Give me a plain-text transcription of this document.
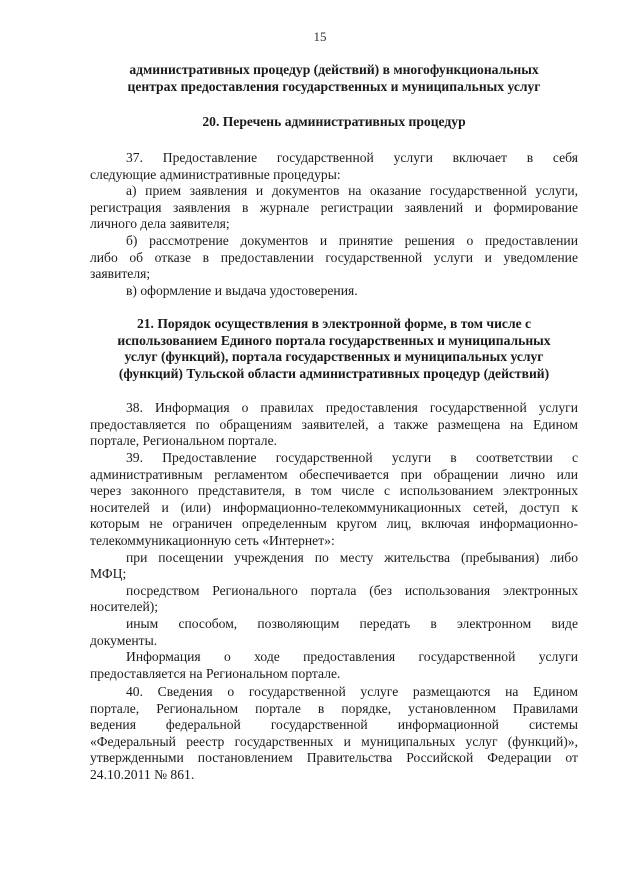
15
административных процедур (действий) в многофункциональных
центрах предоставления государственных и муниципальных услуг
20. Перечень административных процедур
37. Предоставление государственной услуги включает в себя
следующие административные процедуры:
а) прием заявления и документов на оказание государственной услуги,
регистрация заявления в журнале регистрации заявлений и формирование
личного дела заявителя;
б) рассмотрение документов и принятие решения о предоставлении
либо об отказе в предоставлении государственной услуги и уведомление
заявителя;
в) оформление и выдача удостоверения.
21. Порядок осуществления в электронной форме, в том числе с
использованием Единого портала государственных и муниципальных
услуг (функций), портала государственных и муниципальных услуг
(функций) Тульской области административных процедур (действий)
38. Информация о правилах предоставления государственной услуги
предоставляется по обращениям заявителей, а также размещена на Едином
портале, Региональном портале.
39. Предоставление государственной услуги в соответствии с
административным регламентом обеспечивается при обращении лично или
через законного представителя, в том числе с использованием электронных
носителей и (или) информационно-телекоммуникационных сетей, доступ к
которым не ограничен определенным кругом лиц, включая информационно-
телекоммуникационную сеть «Интернет»:
при посещении учреждения по месту жительства (пребывания) либо
МФЦ;
посредством Регионального портала (без использования электронных
носителей);
иным способом, позволяющим передать в электронном виде
документы.
Информация о ходе предоставления государственной услуги
предоставляется на Региональном портале.
40. Сведения о государственной услуге размещаются на Едином
портале, Региональном портале в порядке, установленном Правилами
ведения федеральной государственной информационной системы
«Федеральный реестр государственных и муниципальных услуг (функций)»,
утвержденными постановлением Правительства Российской Федерации от
24.10.2011 № 861.
